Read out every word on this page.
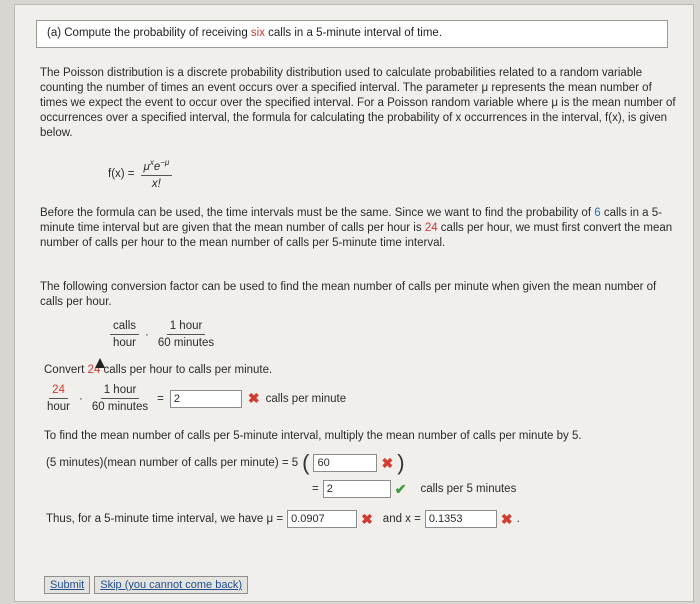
(a) Compute the probability of receiving six calls in a 5-minute interval of time.
The Poisson distribution is a discrete probability distribution used to calculate probabilities related to a random variable counting the number of times an event occurs over a specified interval. The parameter μ represents the mean number of times we expect the event to occur over the specified interval. For a Poisson random variable where μ is the mean number of occurrences over a specified interval, the formula for calculating the probability of x occurrences in the interval, f(x), is given below.
$f(x) = \frac{\mu^xe^{-\mu}}{x!}$
Before the formula can be used, the time intervals must be the same. Since we want to find the probability of 6 calls in a 5-minute time interval but are given that the mean number of calls per hour is 24 calls per hour, we must first convert the mean number of calls per hour to the mean number of calls per 5-minute time interval.
The following conversion factor can be used to find the mean number of calls per minute when given the mean number of calls per hour.
$\frac{\text{calls}}{\text{hour}} \cdot \frac{\text{1 hour}}{\text{60 minutes}}$
Convert 24 calls per hour to calls per minute.
$\frac{24}{\text{hour}} \cdot \frac{\text{1 hour}}{\text{60 minutes}} = 2$	✖ calls per minute
To find the mean number of calls per 5-minute interval, multiply the mean number of calls per minute by 5.
(5 minutes)(mean number of calls per minute) = 5 ( 60	✖ )
= 2	✔ calls per 5 minutes
Thus, for a 5-minute time interval, we have μ = 0.0907	✖ and x = 0.1353	✖ .
Submit	Skip (you cannot come back)
